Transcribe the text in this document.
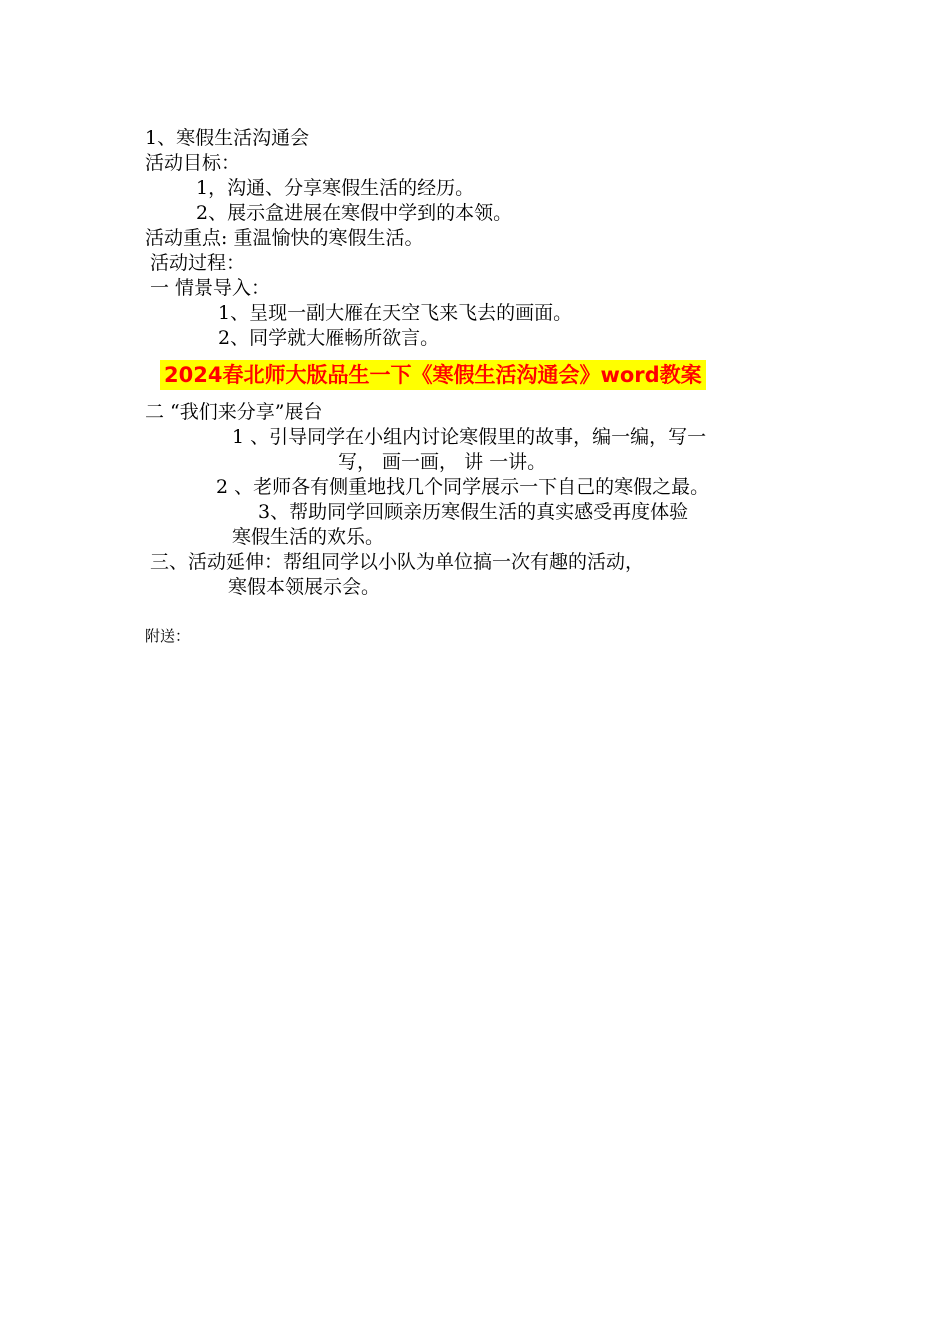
1、寒假生活沟通会
活动目标：
1，沟通、分享寒假生活的经历。
2、展示盒进展在寒假中学到的本领。
活动重点: 重温愉快的寒假生活。
活动过程：
一 情景导入：
1、呈现一副大雁在天空飞来飞去的画面。
2、同学就大雁畅所欲言。
2024春北师大版品生一下《寒假生活沟通会》word教案
二 “我们来分享”展台
1 、引导同学在小组内讨论寒假里的故事，编一编，写一
写， 画一画， 讲 一讲。
2 、老师各有侧重地找几个同学展示一下自己的寒假之最。
3、帮助同学回顾亲历寒假生活的真实感受再度体验
寒假生活的欢乐。
三、活动延伸：帮组同学以小队为单位搞一次有趣的活动，
寒假本领展示会。
附送：
